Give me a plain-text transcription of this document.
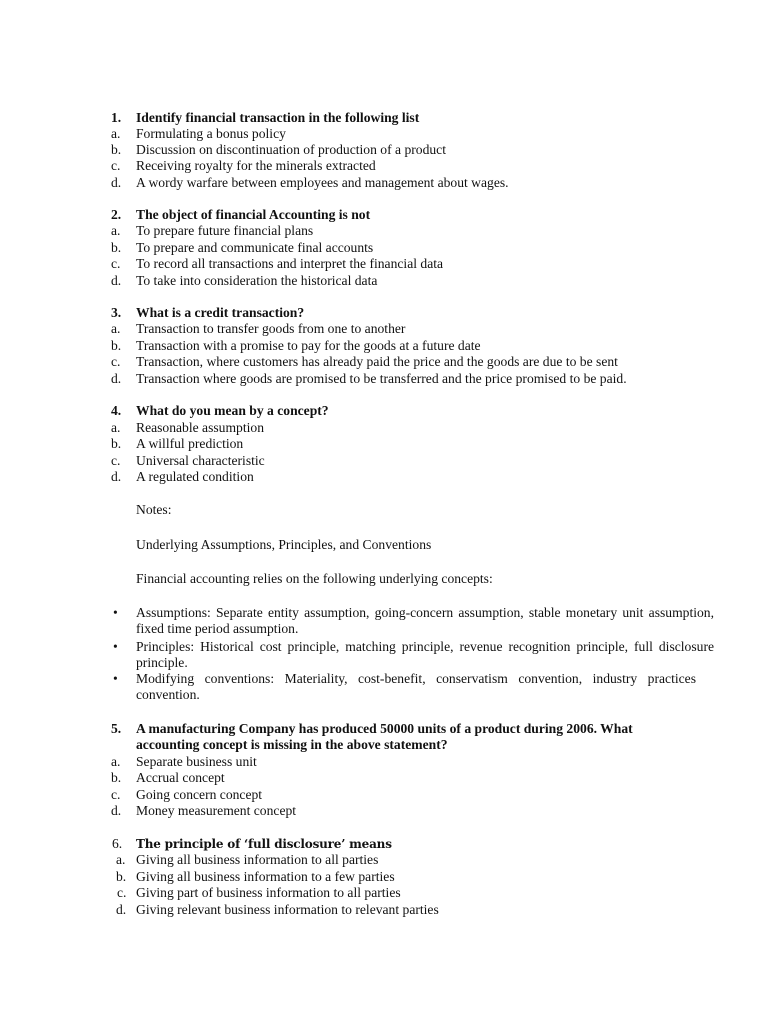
1.	Identify financial transaction in the following list
a.	Formulating a bonus policy
b.	Discussion on discontinuation of production of a product
c.	Receiving royalty for the minerals extracted
d.	A wordy warfare between employees and management about wages.
2.	The object of financial Accounting is not
a.	To prepare future financial plans
b.	To prepare and communicate final accounts
c.	To record all transactions and interpret the financial data
d.	To take into consideration the historical data
3.	What is a credit transaction?
a.	Transaction to transfer goods from one to another
b.	Transaction with a promise to pay for the goods at a future date
c.	Transaction, where customers has already paid the price and the goods are due to be sent
d.	Transaction where goods are promised to be transferred and the price promised to be paid.
4.	What do you mean by a concept?
a.	Reasonable assumption
b.	A willful prediction
c.	Universal characteristic
d.	A regulated condition
Notes:
Underlying Assumptions, Principles, and Conventions
Financial accounting relies on the following underlying concepts:
• Assumptions: Separate entity assumption, going-concern assumption, stable monetary unit assumption, fixed time period assumption.
• Principles: Historical cost principle, matching principle, revenue recognition principle, full disclosure principle.
• Modifying conventions: Materiality, cost-benefit, conservatism convention, industry practices convention.
5.	A manufacturing Company has produced 50000 units of a product during 2006. What
accounting concept is missing in the above statement?
a.	Separate business unit
b.	Accrual concept
c.	Going concern concept
d.	Money measurement concept
6. The principle of ‘full disclosure’ means
a. Giving all business information to all parties
b. Giving all business information to a few parties
c. Giving part of business information to all parties
d. Giving relevant business information to relevant parties
